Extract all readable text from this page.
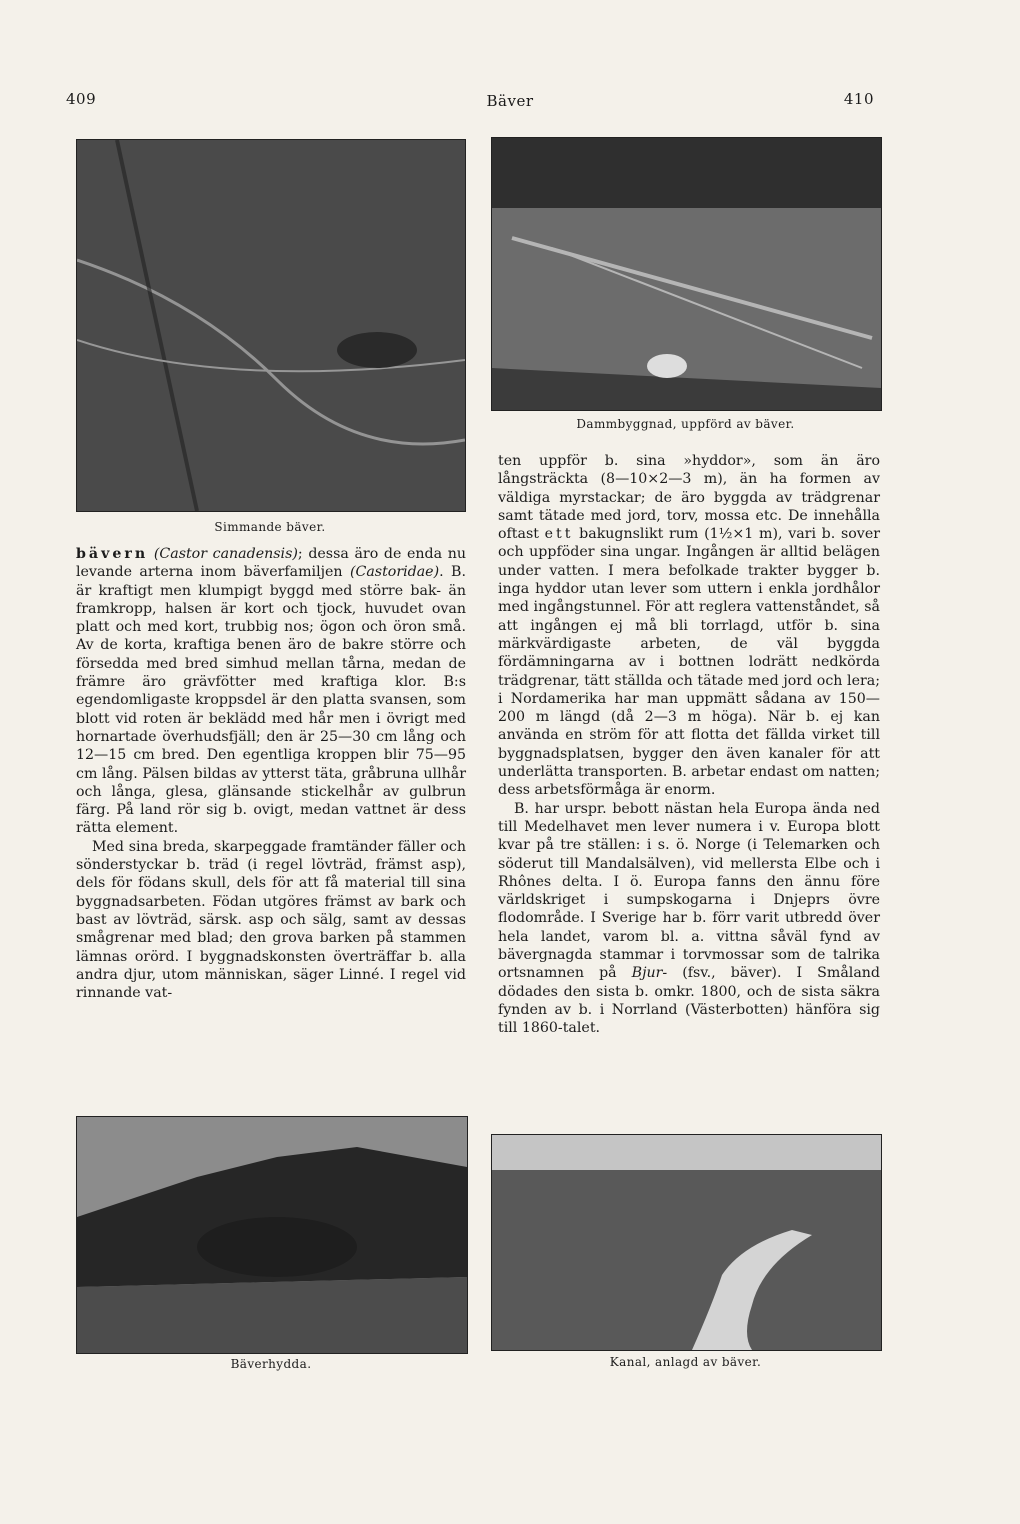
409	Bäver	410
Simmande bäver.
Dammbyggnad, uppförd av bäver.

bävern (Castor canadensis); dessa äro de enda nu levande arterna inom bäverfamiljen (Castoridae). B. är kraftigt men klumpigt byggd med större bak- än framkropp, halsen är kort och tjock, huvudet ovan platt och med kort, trubbig nos; ögon och öron små. Av de korta, kraftiga benen äro de bakre större och försedda med bred simhud mellan tårna, medan de främre äro grävfötter med kraftiga klor. B:s egendomligaste kroppsdel är den platta svansen, som blott vid roten är beklädd med hår men i övrigt med hornartade överhudsfjäll; den är 25—30 cm lång och 12—15 cm bred. Den egentliga kroppen blir 75—95 cm lång. Pälsen bildas av ytterst täta, gråbruna ullhår och långa, glesa, glänsande stickelhår av gulbrun färg. På land rör sig b. ovigt, medan vattnet är dess rätta element.

Med sina breda, skarpeggade framtänder fäller och sönderstyckar b. träd (i regel lövträd, främst asp), dels för födans skull, dels för att få material till sina byggnadsarbeten. Födan utgöres främst av bark och bast av lövträd, särsk. asp och sälg, samt av dessas smågrenar med blad; den grova barken på stammen lämnas orörd. I byggnadskonsten överträffar b. alla andra djur, utom människan, säger Linné. I regel vid rinnande vat-

ten uppför b. sina »hyddor», som än äro långsträckta (8—10×2—3 m), än ha formen av väldiga myrstackar; de äro byggda av trädgrenar samt tätade med jord, torv, mossa etc. De innehålla oftast ett bakugnslikt rum (1½×1 m), vari b. sover och uppföder sina ungar. Ingången är alltid belägen under vatten. I mera befolkade trakter bygger b. inga hyddor utan lever som uttern i enkla jordhålor med ingångstunnel. För att reglera vattenståndet, så att ingången ej må bli torrlagd, utför b. sina märkvärdigaste arbeten, de väl byggda fördämningarna av i bottnen lodrätt nedkörda trädgrenar, tätt ställda och tätade med jord och lera; i Nordamerika har man uppmätt sådana av 150—200 m längd (då 2—3 m höga). När b. ej kan använda en ström för att flotta det fällda virket till byggnadsplatsen, bygger den även kanaler för att underlätta transporten. B. arbetar endast om natten; dess arbetsförmåga är enorm.

B. har urspr. bebott nästan hela Europa ända ned till Medelhavet men lever numera i v. Europa blott kvar på tre ställen: i s. ö. Norge (i Telemarken och söderut till Mandalsälven), vid mellersta Elbe och i Rhônes delta. I ö. Europa fanns den ännu före världskriget i sumpskogarna i Dnjeprs övre flodområde. I Sverige har b. förr varit utbredd över hela landet, varom bl. a. vittna såväl fynd av bävergnagda stammar i torvmossar som de talrika ortsnamnen på Bjur- (fsv., bäver). I Småland dödades den sista b. omkr. 1800, och de sista säkra fynden av b. i Norrland (Västerbotten) hänföra sig till 1860-talet.

Bäverhydda.	Kanal, anlagd av bäver.
